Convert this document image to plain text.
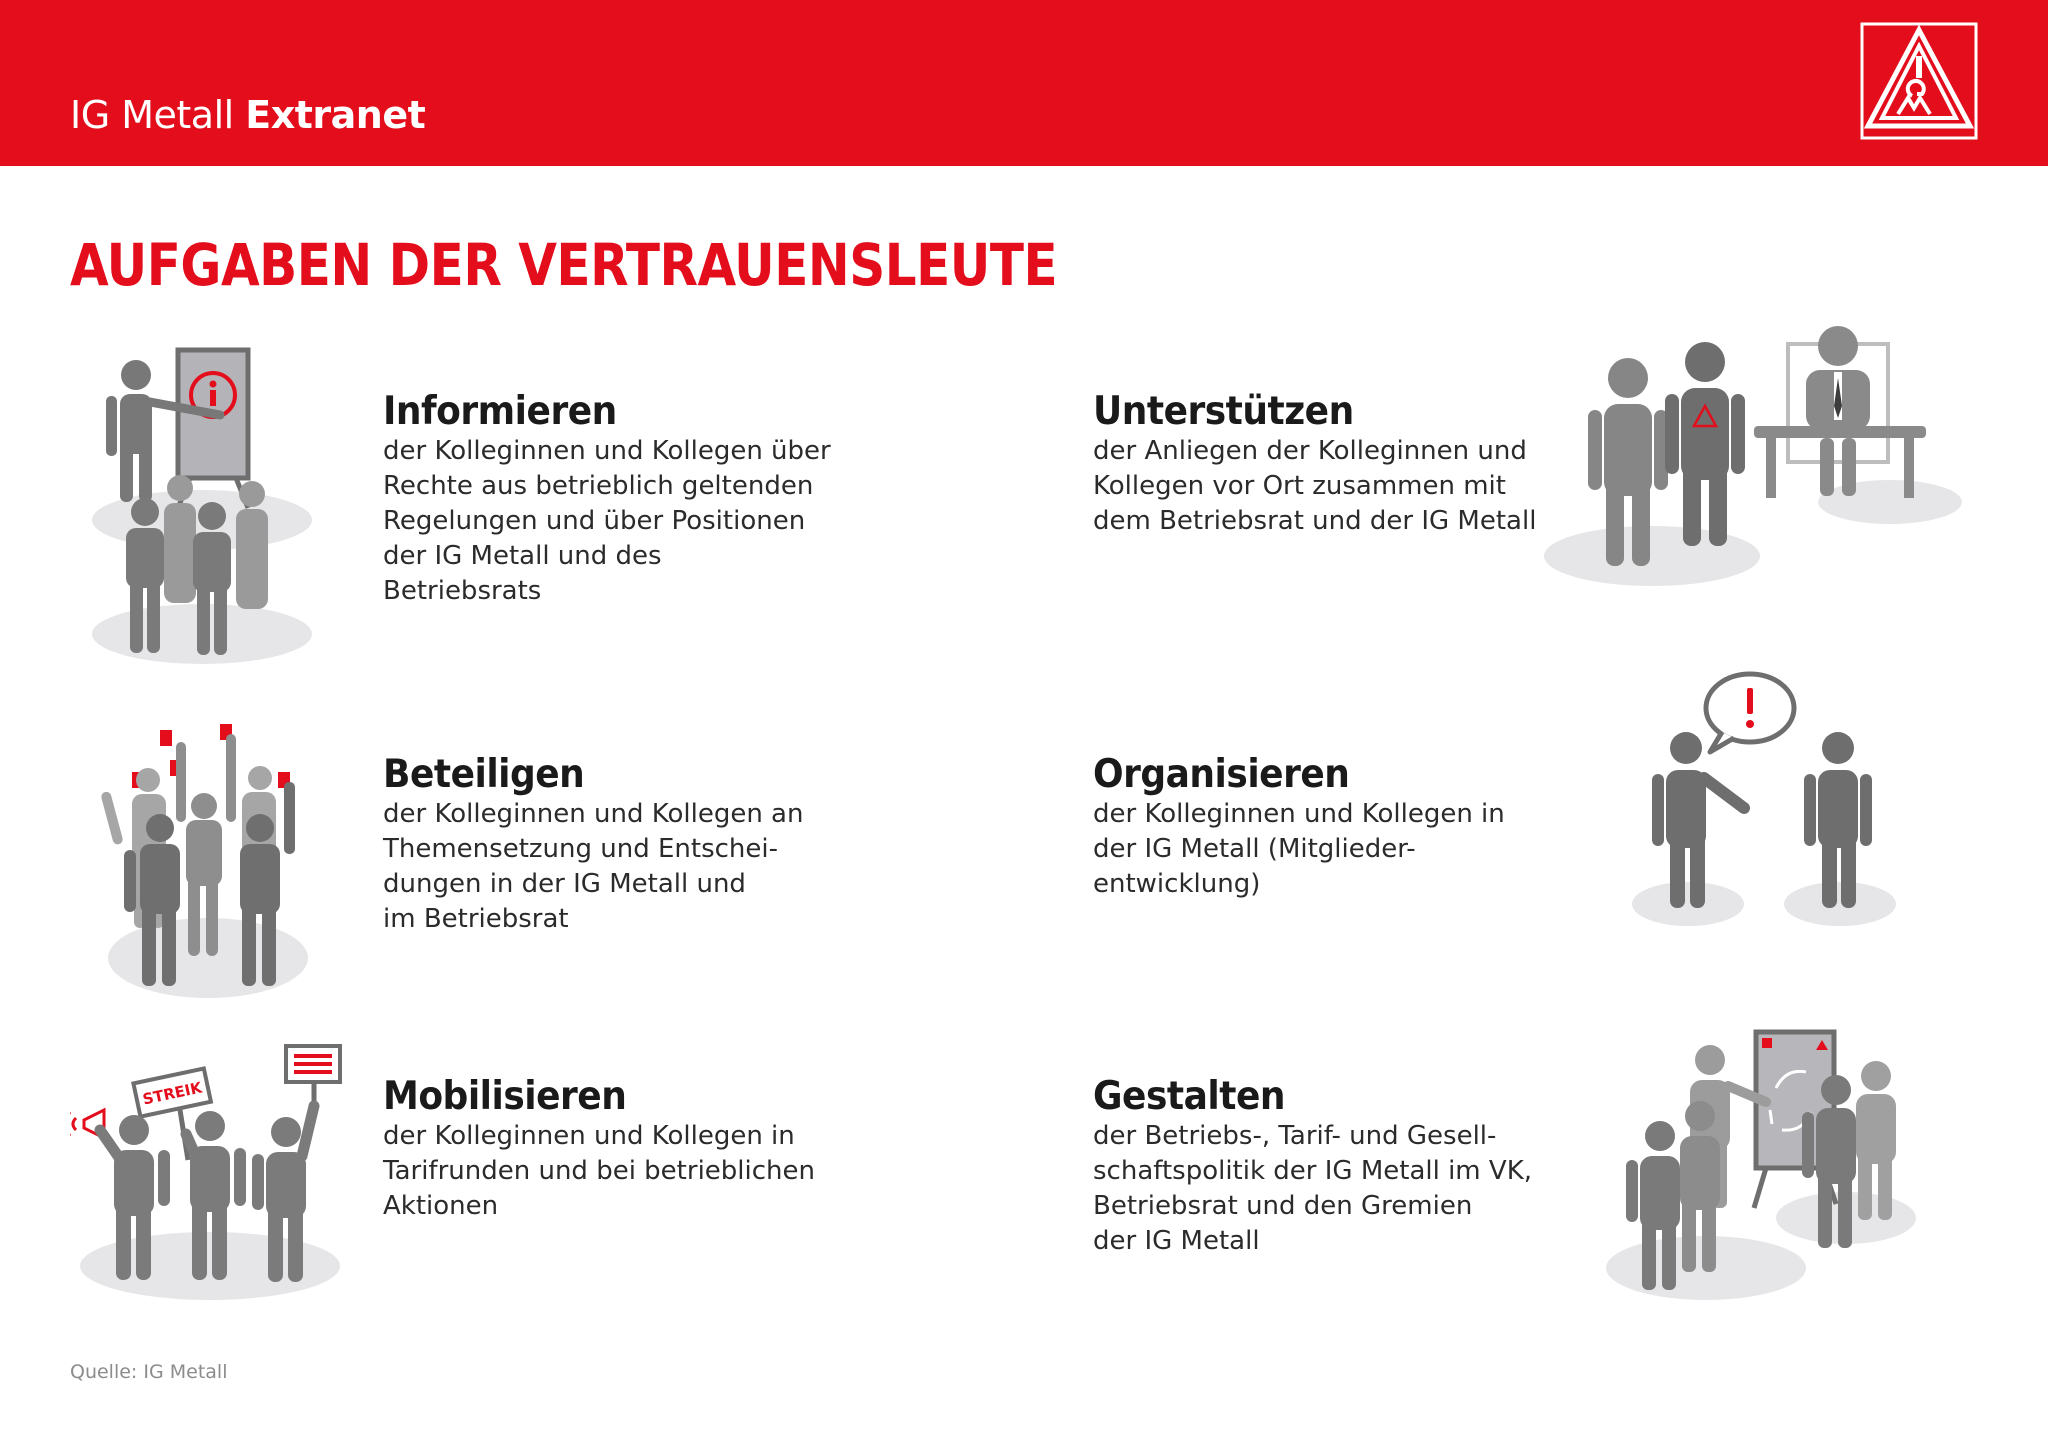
IG Metall Extranet
AUFGABEN DER VERTRAUENSLEUTE
STREIK
Informieren

der Kolleginnen und Kollegen über
Rechte aus betrieblich geltenden
Regelungen und über Positionen
der IG Metall und des
Betriebsrats

Unterstützen

der Anliegen der Kolleginnen und
Kollegen vor Ort zusammen mit
dem Betriebsrat und der IG Metall

Beteiligen

der Kolleginnen und Kollegen an
Themensetzung und Entschei-
dungen in der IG Metall und
im Betriebsrat

Organisieren

der Kolleginnen und Kollegen in
der IG Metall (Mitglieder-
entwicklung)

Mobilisieren

der Kolleginnen und Kollegen in
Tarifrunden und bei betrieblichen
Aktionen

Gestalten

der Betriebs-, Tarif- und Gesell-
schaftspolitik der IG Metall im VK,
Betriebsrat und den Gremien
der IG Metall

Quelle: IG Metall
